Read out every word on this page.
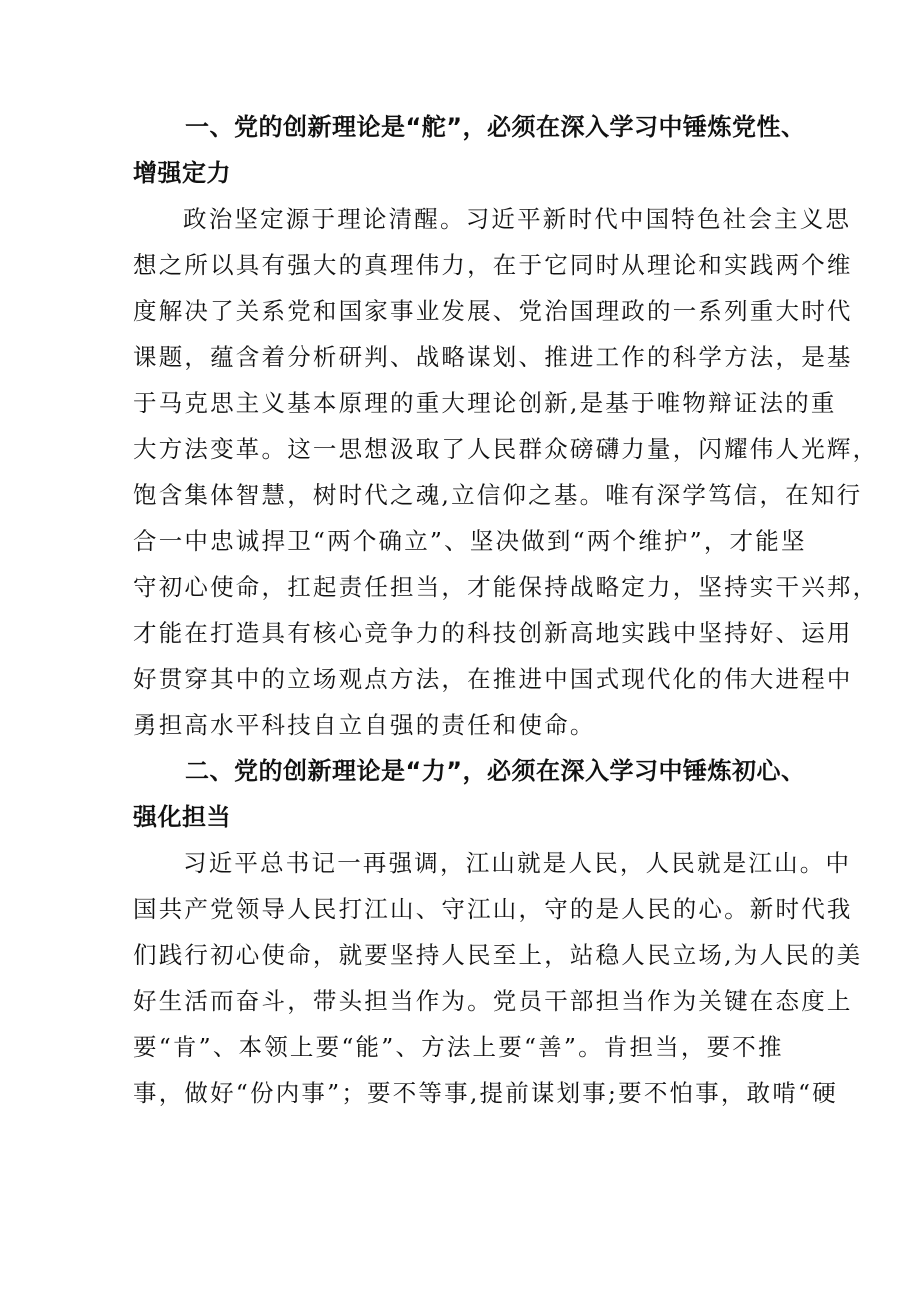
一、党的创新理论是“舵”，必须在深入学习中锤炼党性、
增强定力
政治坚定源于理论清醒。习近平新时代中国特色社会主义思
想之所以具有强大的真理伟力，在于它同时从理论和实践两个维
度解决了关系党和国家事业发展、党治国理政的一系列重大时代
课题，蕴含着分析研判、战略谋划、推进工作的科学方法，是基
于马克思主义基本原理的重大理论创新,是基于唯物辩证法的重
大方法变革。这一思想汲取了人民群众磅礴力量，闪耀伟人光辉，
饱含集体智慧，树时代之魂,立信仰之基。唯有深学笃信，在知行
合一中忠诚捍卫“两个确立”、坚决做到“两个维护”，才能坚
守初心使命，扛起责任担当，才能保持战略定力，坚持实干兴邦，
才能在打造具有核心竞争力的科技创新高地实践中坚持好、运用
好贯穿其中的立场观点方法，在推进中国式现代化的伟大进程中
勇担高水平科技自立自强的责任和使命。
二、党的创新理论是“力”，必须在深入学习中锤炼初心、
强化担当
习近平总书记一再强调，江山就是人民，人民就是江山。中
国共产党领导人民打江山、守江山，守的是人民的心。新时代我
们践行初心使命，就要坚持人民至上，站稳人民立场,为人民的美
好生活而奋斗，带头担当作为。党员干部担当作为关键在态度上
要“肯”、本领上要“能”、方法上要“善”。肯担当，要不推
事，做好“份内事”；要不等事,提前谋划事;要不怕事，敢啃“硬
